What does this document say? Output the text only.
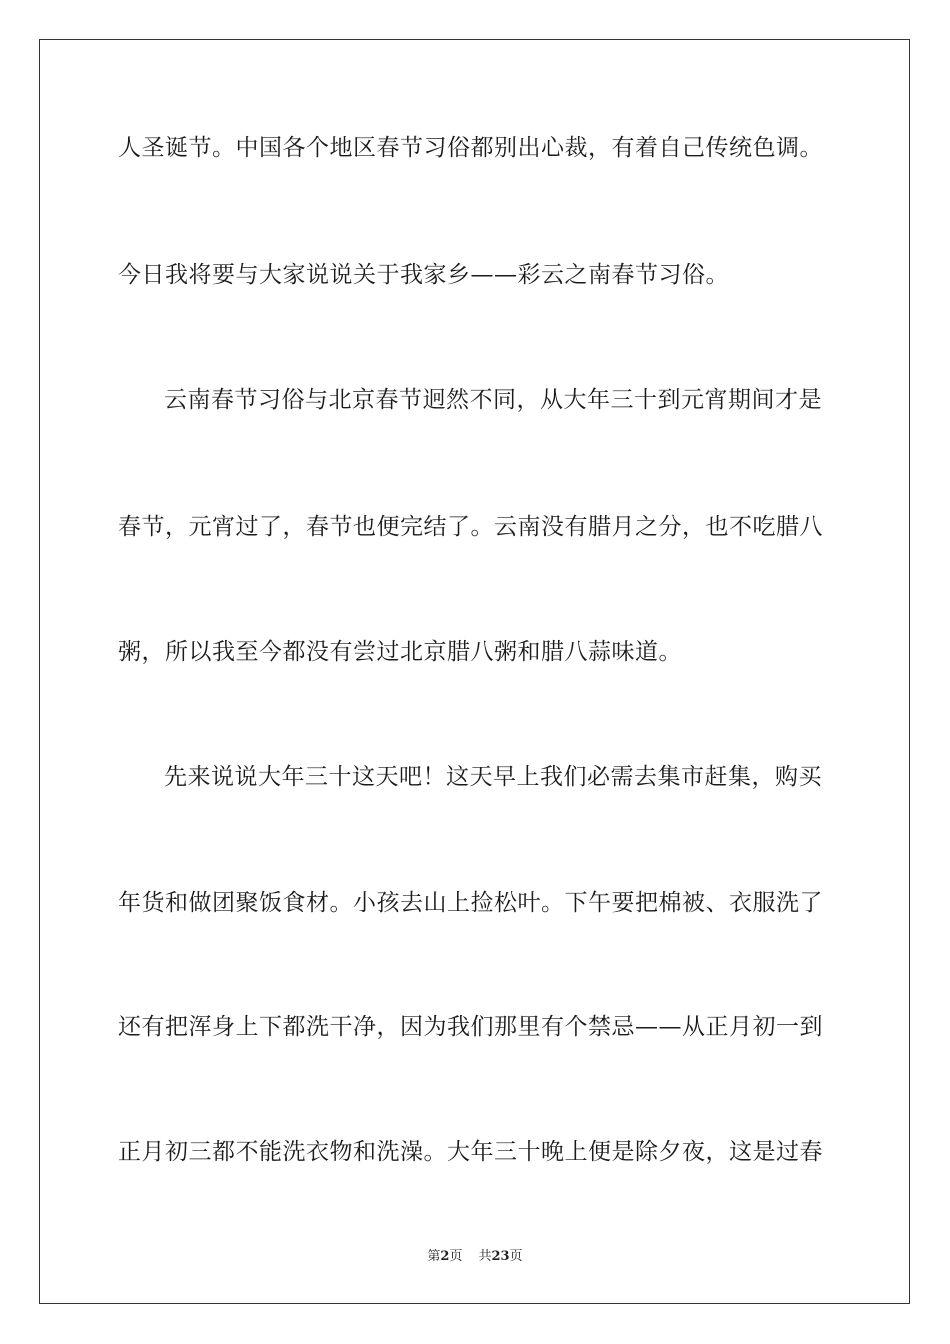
人圣诞节。中国各个地区春节习俗都别出心裁，有着自己传统色调。
今日我将要与大家说说关于我家乡——彩云之南春节习俗。
云南春节习俗与北京春节迥然不同，从大年三十到元宵期间才是
春节，元宵过了，春节也便完结了。云南没有腊月之分，也不吃腊八
粥，所以我至今都没有尝过北京腊八粥和腊八蒜味道。
先来说说大年三十这天吧！这天早上我们必需去集市赶集，购买
年货和做团聚饭食材。小孩去山上捡松叶。下午要把棉被、衣服洗了
还有把浑身上下都洗干净，因为我们那里有个禁忌——从正月初一到
正月初三都不能洗衣物和洗澡。大年三十晚上便是除夕夜，这是过春
第2页 共23页
